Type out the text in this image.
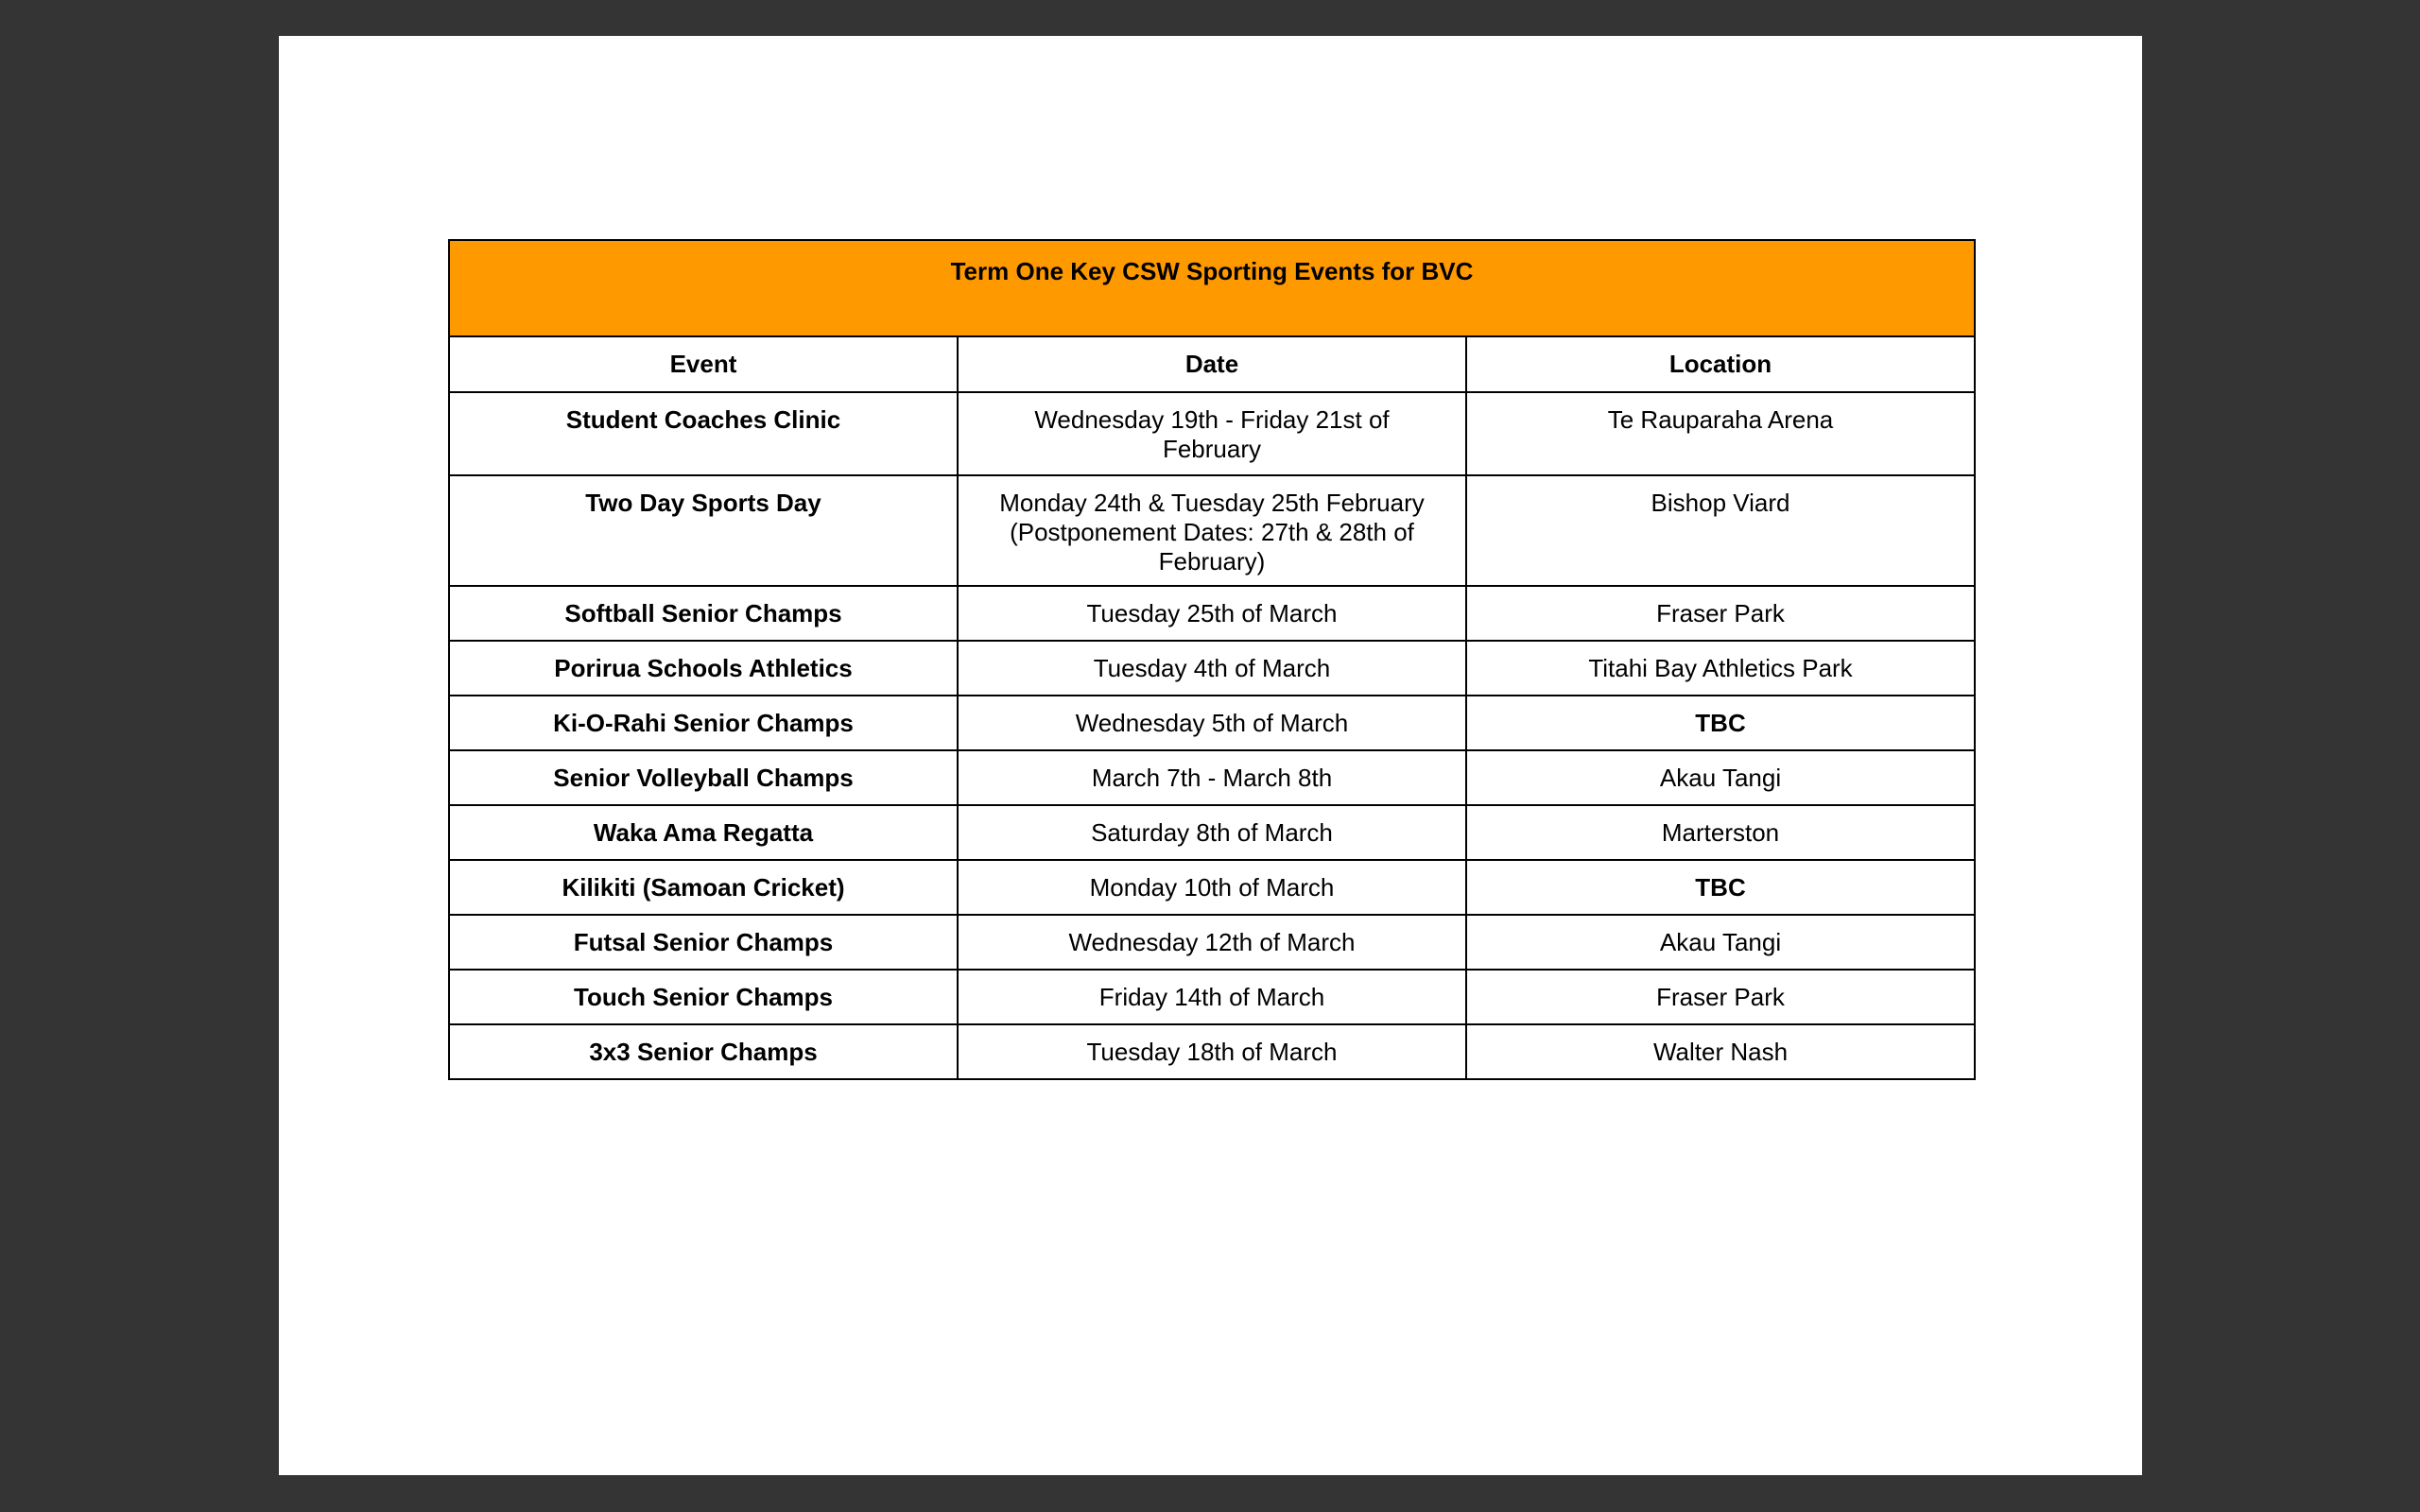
Term One Key CSW Sporting Events for BVC		
Event	Date	Location
Student Coaches Clinic	Wednesday 19th - Friday 21st of February	Te Rauparaha Arena
Two Day Sports Day	Monday 24th & Tuesday 25th February (Postponement Dates: 27th & 28th of February)	Bishop Viard
Softball Senior Champs	Tuesday 25th of March	Fraser Park
Porirua Schools Athletics	Tuesday 4th of March	Titahi Bay Athletics Park
Ki-O-Rahi Senior Champs	Wednesday 5th of March	TBC
Senior Volleyball Champs	March 7th - March 8th	Akau Tangi
Waka Ama Regatta	Saturday 8th of March	Marterston
Kilikiti (Samoan Cricket)	Monday 10th of March	TBC
Futsal Senior Champs	Wednesday 12th of March	Akau Tangi
Touch Senior Champs	Friday 14th of March	Fraser Park
3x3 Senior Champs	Tuesday 18th of March	Walter Nash
